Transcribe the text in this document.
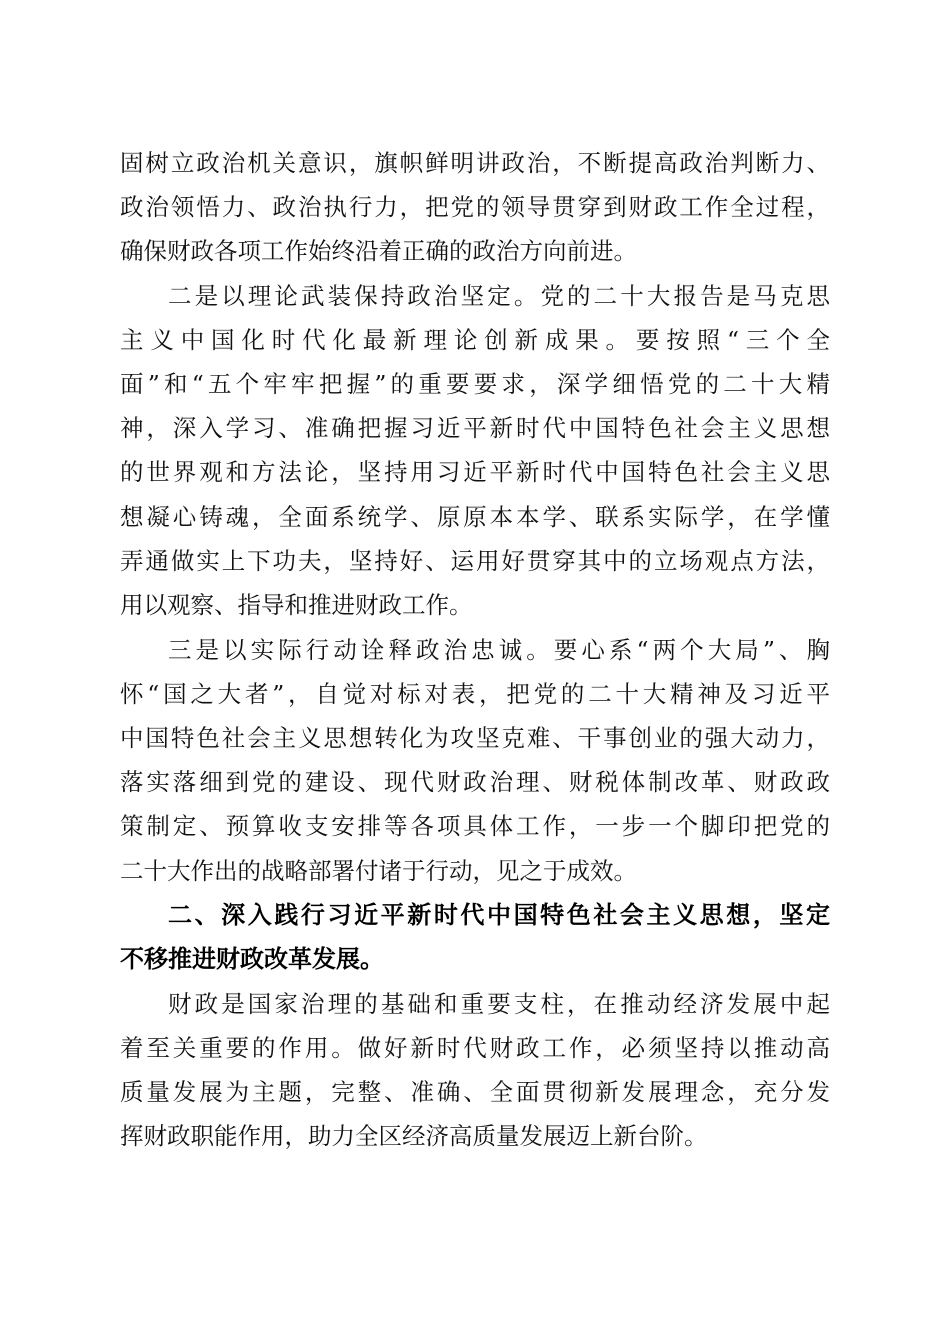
固树立政治机关意识，旗帜鲜明讲政治，不断提高政治判断力、
政治领悟力、政治执行力，把党的领导贯穿到财政工作全过程，
确保财政各项工作始终沿着正确的政治方向前进。
二是以理论武装保持政治坚定。党的二十大报告是马克思
主义中国化时代化最新理论创新成果。要按照“三个全
面”和“五个牢牢把握”的重要要求，深学细悟党的二十大精
神，深入学习、准确把握习近平新时代中国特色社会主义思想
的世界观和方法论，坚持用习近平新时代中国特色社会主义思
想凝心铸魂，全面系统学、原原本本学、联系实际学，在学懂
弄通做实上下功夫，坚持好、运用好贯穿其中的立场观点方法，
用以观察、指导和推进财政工作。
三是以实际行动诠释政治忠诚。要心系“两个大局”、胸
怀“国之大者”，自觉对标对表，把党的二十大精神及习近平
中国特色社会主义思想转化为攻坚克难、干事创业的强大动力，
落实落细到党的建设、现代财政治理、财税体制改革、财政政
策制定、预算收支安排等各项具体工作，一步一个脚印把党的
二十大作出的战略部署付诸于行动，见之于成效。
二、深入践行习近平新时代中国特色社会主义思想，坚定
不移推进财政改革发展。
财政是国家治理的基础和重要支柱，在推动经济发展中起
着至关重要的作用。做好新时代财政工作，必须坚持以推动高
质量发展为主题，完整、准确、全面贯彻新发展理念，充分发
挥财政职能作用，助力全区经济高质量发展迈上新台阶。
